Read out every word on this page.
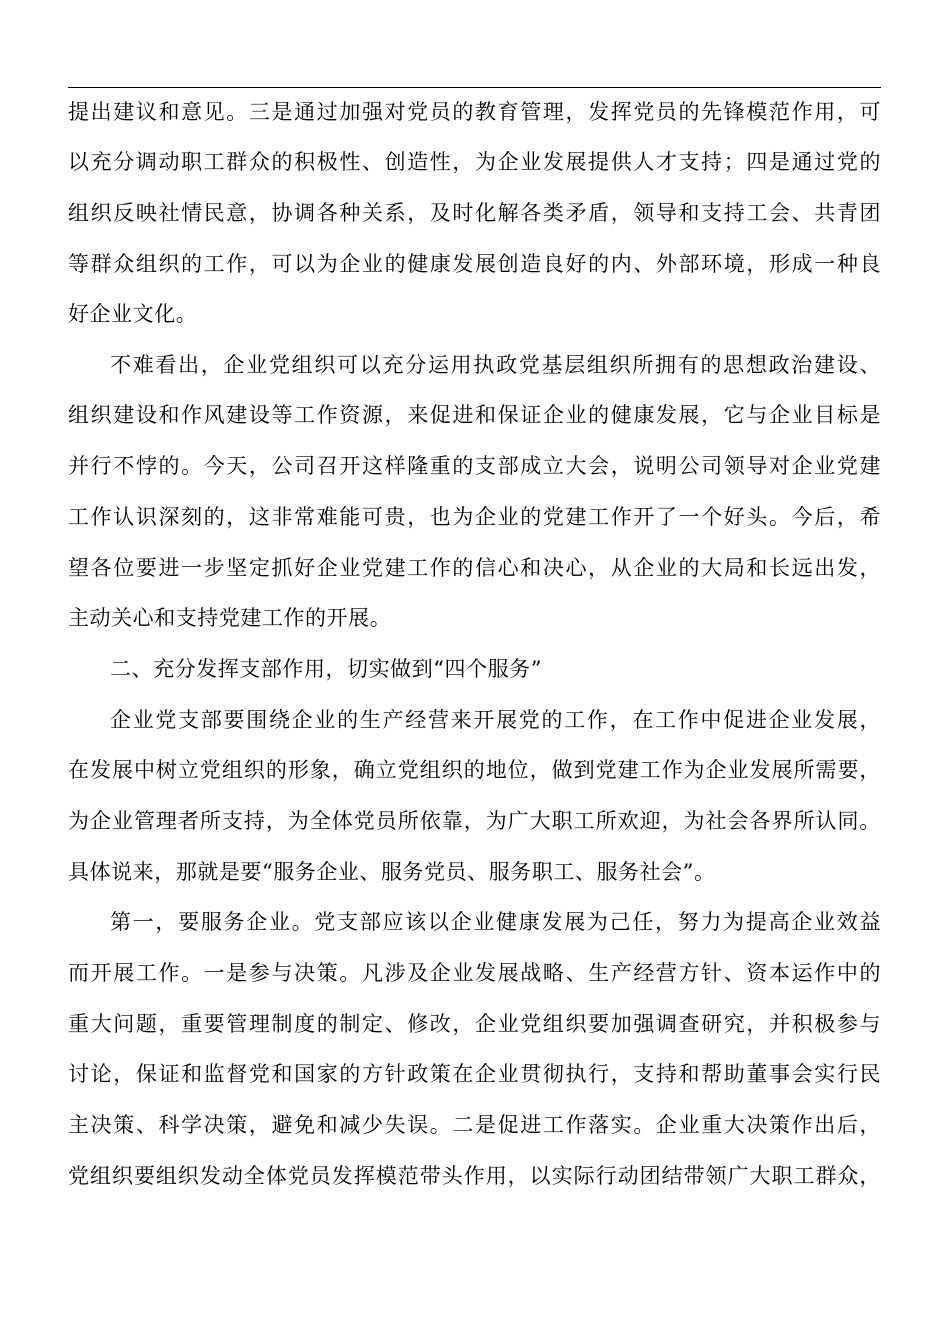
提出建议和意见。三是通过加强对党员的教育管理，发挥党员的先锋模范作用，可
以充分调动职工群众的积极性、创造性，为企业发展提供人才支持；四是通过党的
组织反映社情民意，协调各种关系，及时化解各类矛盾，领导和支持工会、共青团
等群众组织的工作，可以为企业的健康发展创造良好的内、外部环境，形成一种良
好企业文化。
不难看出，企业党组织可以充分运用执政党基层组织所拥有的思想政治建设、
组织建设和作风建设等工作资源，来促进和保证企业的健康发展，它与企业目标是
并行不悖的。今天，公司召开这样隆重的支部成立大会，说明公司领导对企业党建
工作认识深刻的，这非常难能可贵，也为企业的党建工作开了一个好头。今后，希
望各位要进一步坚定抓好企业党建工作的信心和决心，从企业的大局和长远出发，
主动关心和支持党建工作的开展。
二、充分发挥支部作用，切实做到“四个服务”
企业党支部要围绕企业的生产经营来开展党的工作，在工作中促进企业发展，
在发展中树立党组织的形象，确立党组织的地位，做到党建工作为企业发展所需要，
为企业管理者所支持，为全体党员所依靠，为广大职工所欢迎，为社会各界所认同。
具体说来，那就是要“服务企业、服务党员、服务职工、服务社会”。
第一，要服务企业。党支部应该以企业健康发展为己任，努力为提高企业效益
而开展工作。一是参与决策。凡涉及企业发展战略、生产经营方针、资本运作中的
重大问题，重要管理制度的制定、修改，企业党组织要加强调查研究，并积极参与
讨论，保证和监督党和国家的方针政策在企业贯彻执行，支持和帮助董事会实行民
主决策、科学决策，避免和减少失误。二是促进工作落实。企业重大决策作出后，
党组织要组织发动全体党员发挥模范带头作用，以实际行动团结带领广大职工群众，
